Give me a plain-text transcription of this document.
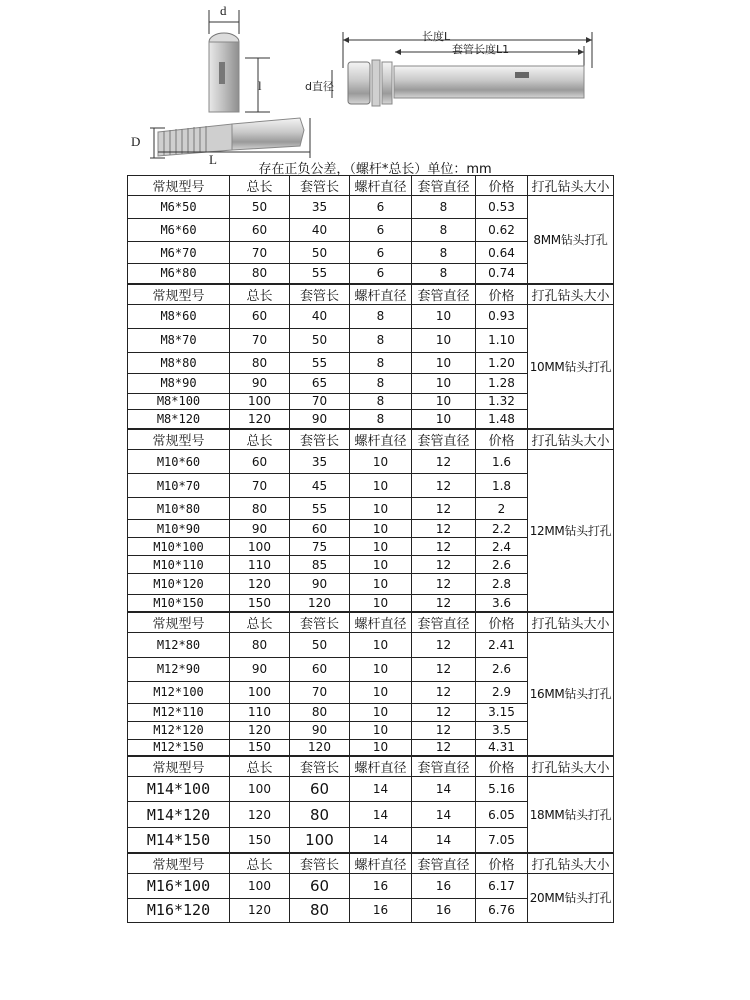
d
l
D
L
长度L
套管长度L1
d直径
存在正负公差，（螺杆*总长）单位：mm
常规型号	总长	套管长	螺杆直径	套管直径	价格	打孔钻头大小
M6*50	50	35	6	8	0.53	8MM钻头打孔
M6*60	60	40	6	8	0.62	
M6*70	70	50	6	8	0.64	
M6*80	80	55	6	8	0.74	
常规型号	总长	套管长	螺杆直径	套管直径	价格	打孔钻头大小
M8*60	60	40	8	10	0.93	10MM钻头打孔
M8*70	70	50	8	10	1.10	
M8*80	80	55	8	10	1.20	
M8*90	90	65	8	10	1.28	
M8*100	100	70	8	10	1.32	
M8*120	120	90	8	10	1.48	
常规型号	总长	套管长	螺杆直径	套管直径	价格	打孔钻头大小
M10*60	60	35	10	12	1.6	12MM钻头打孔
M10*70	70	45	10	12	1.8	
M10*80	80	55	10	12	2	
M10*90	90	60	10	12	2.2	
M10*100	100	75	10	12	2.4	
M10*110	110	85	10	12	2.6	
M10*120	120	90	10	12	2.8	
M10*150	150	120	10	12	3.6	
常规型号	总长	套管长	螺杆直径	套管直径	价格	打孔钻头大小
M12*80	80	50	10	12	2.41	16MM钻头打孔
M12*90	90	60	10	12	2.6	
M12*100	100	70	10	12	2.9	
M12*110	110	80	10	12	3.15	
M12*120	120	90	10	12	3.5	
M12*150	150	120	10	12	4.31	
常规型号	总长	套管长	螺杆直径	套管直径	价格	打孔钻头大小
M14*100	100	60	14	14	5.16	18MM钻头打孔
M14*120	120	80	14	14	6.05	
M14*150	150	100	14	14	7.05	
常规型号	总长	套管长	螺杆直径	套管直径	价格	打孔钻头大小
M16*100	100	60	16	16	6.17	20MM钻头打孔
M16*120	120	80	16	16	6.76	
